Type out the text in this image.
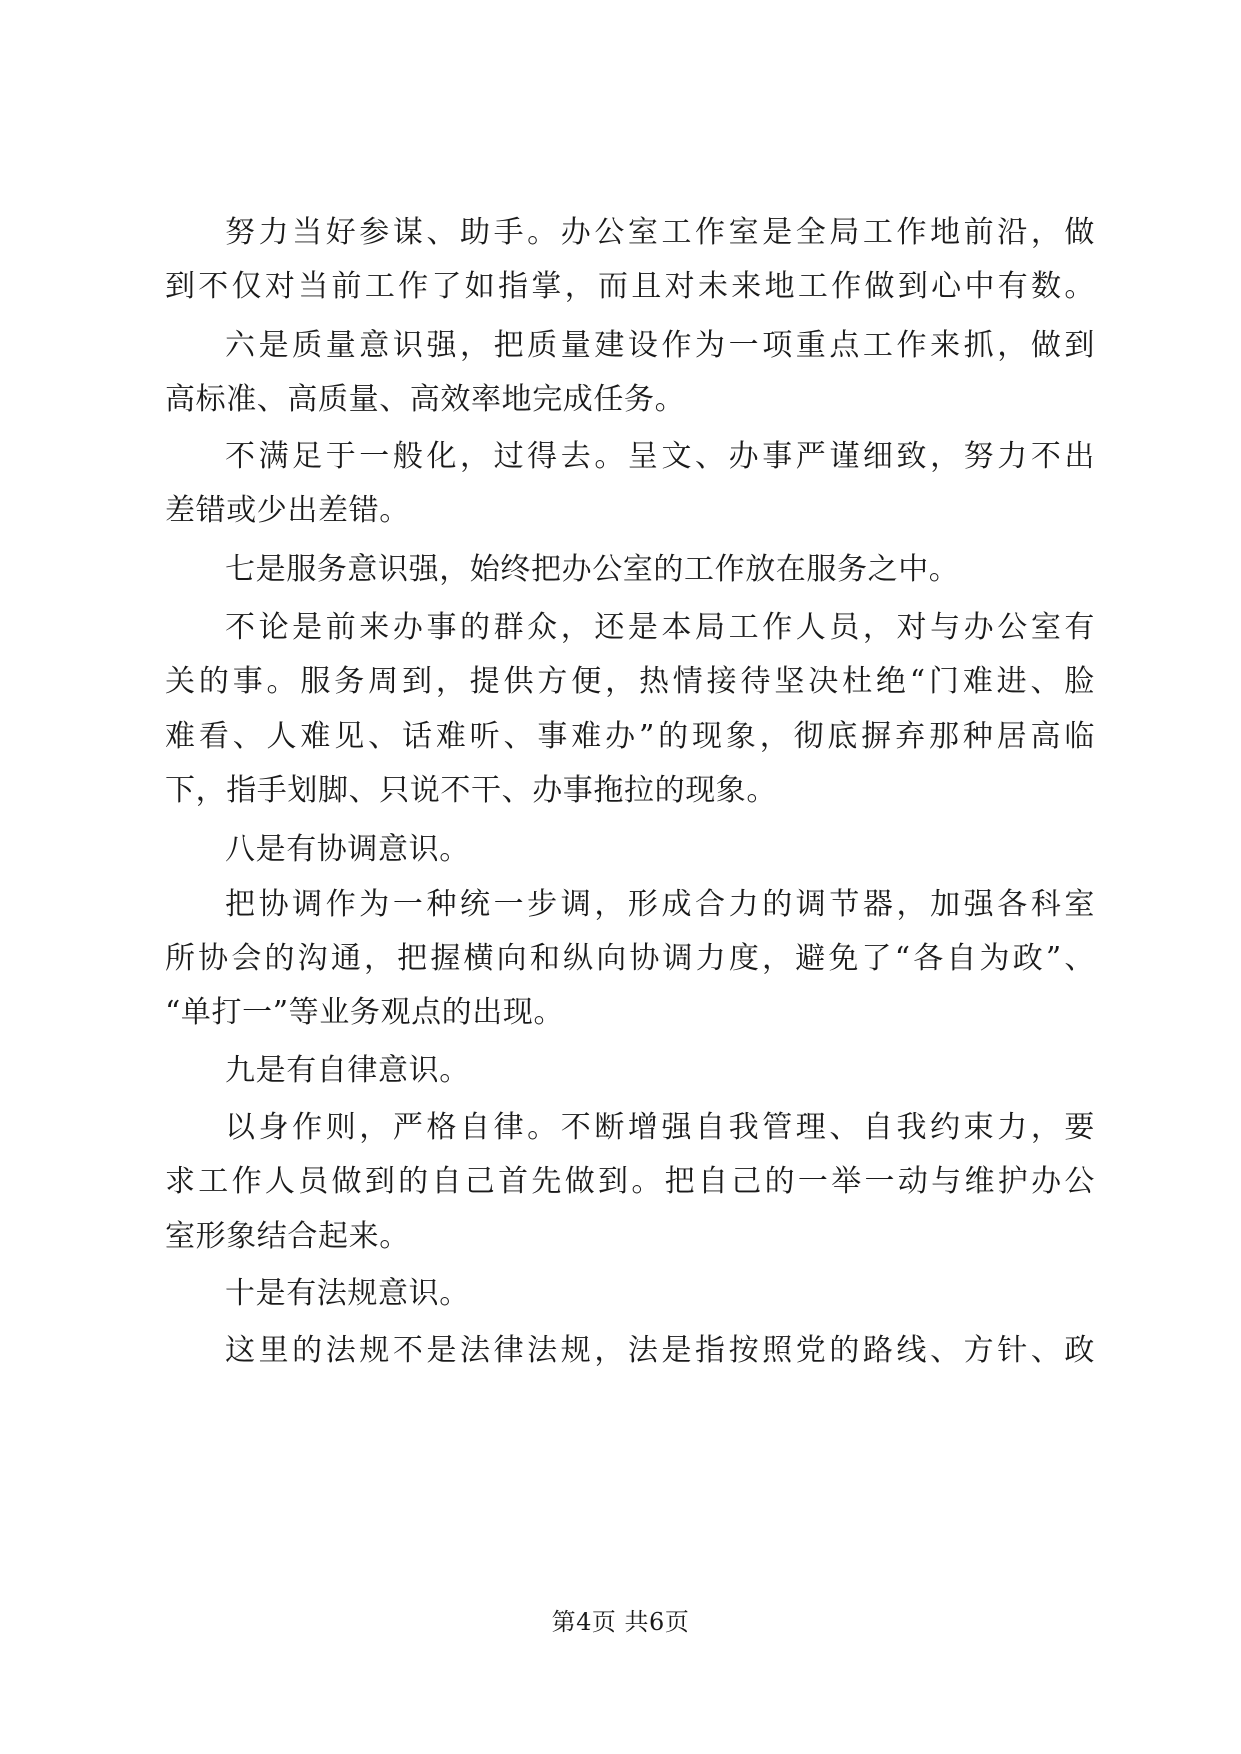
努力当好参谋、助手。办公室工作室是全局工作地前沿，做
到不仅对当前工作了如指掌，而且对未来地工作做到心中有数。
六是质量意识强，把质量建设作为一项重点工作来抓，做到
高标准、高质量、高效率地完成任务。
不满足于一般化，过得去。呈文、办事严谨细致，努力不出
差错或少出差错。
七是服务意识强，始终把办公室的工作放在服务之中。
不论是前来办事的群众，还是本局工作人员，对与办公室有
关的事。服务周到，提供方便，热情接待坚决杜绝“门难进、脸
难看、人难见、话难听、事难办”的现象，彻底摒弃那种居高临
下，指手划脚、只说不干、办事拖拉的现象。
八是有协调意识。
把协调作为一种统一步调，形成合力的调节器，加强各科室
所协会的沟通，把握横向和纵向协调力度，避免了“各自为政”、
“单打一”等业务观点的出现。
九是有自律意识。
以身作则，严格自律。不断增强自我管理、自我约束力，要
求工作人员做到的自己首先做到。把自己的一举一动与维护办公
室形象结合起来。
十是有法规意识。
这里的法规不是法律法规，法是指按照党的路线、方针、政
第4页 共6页
